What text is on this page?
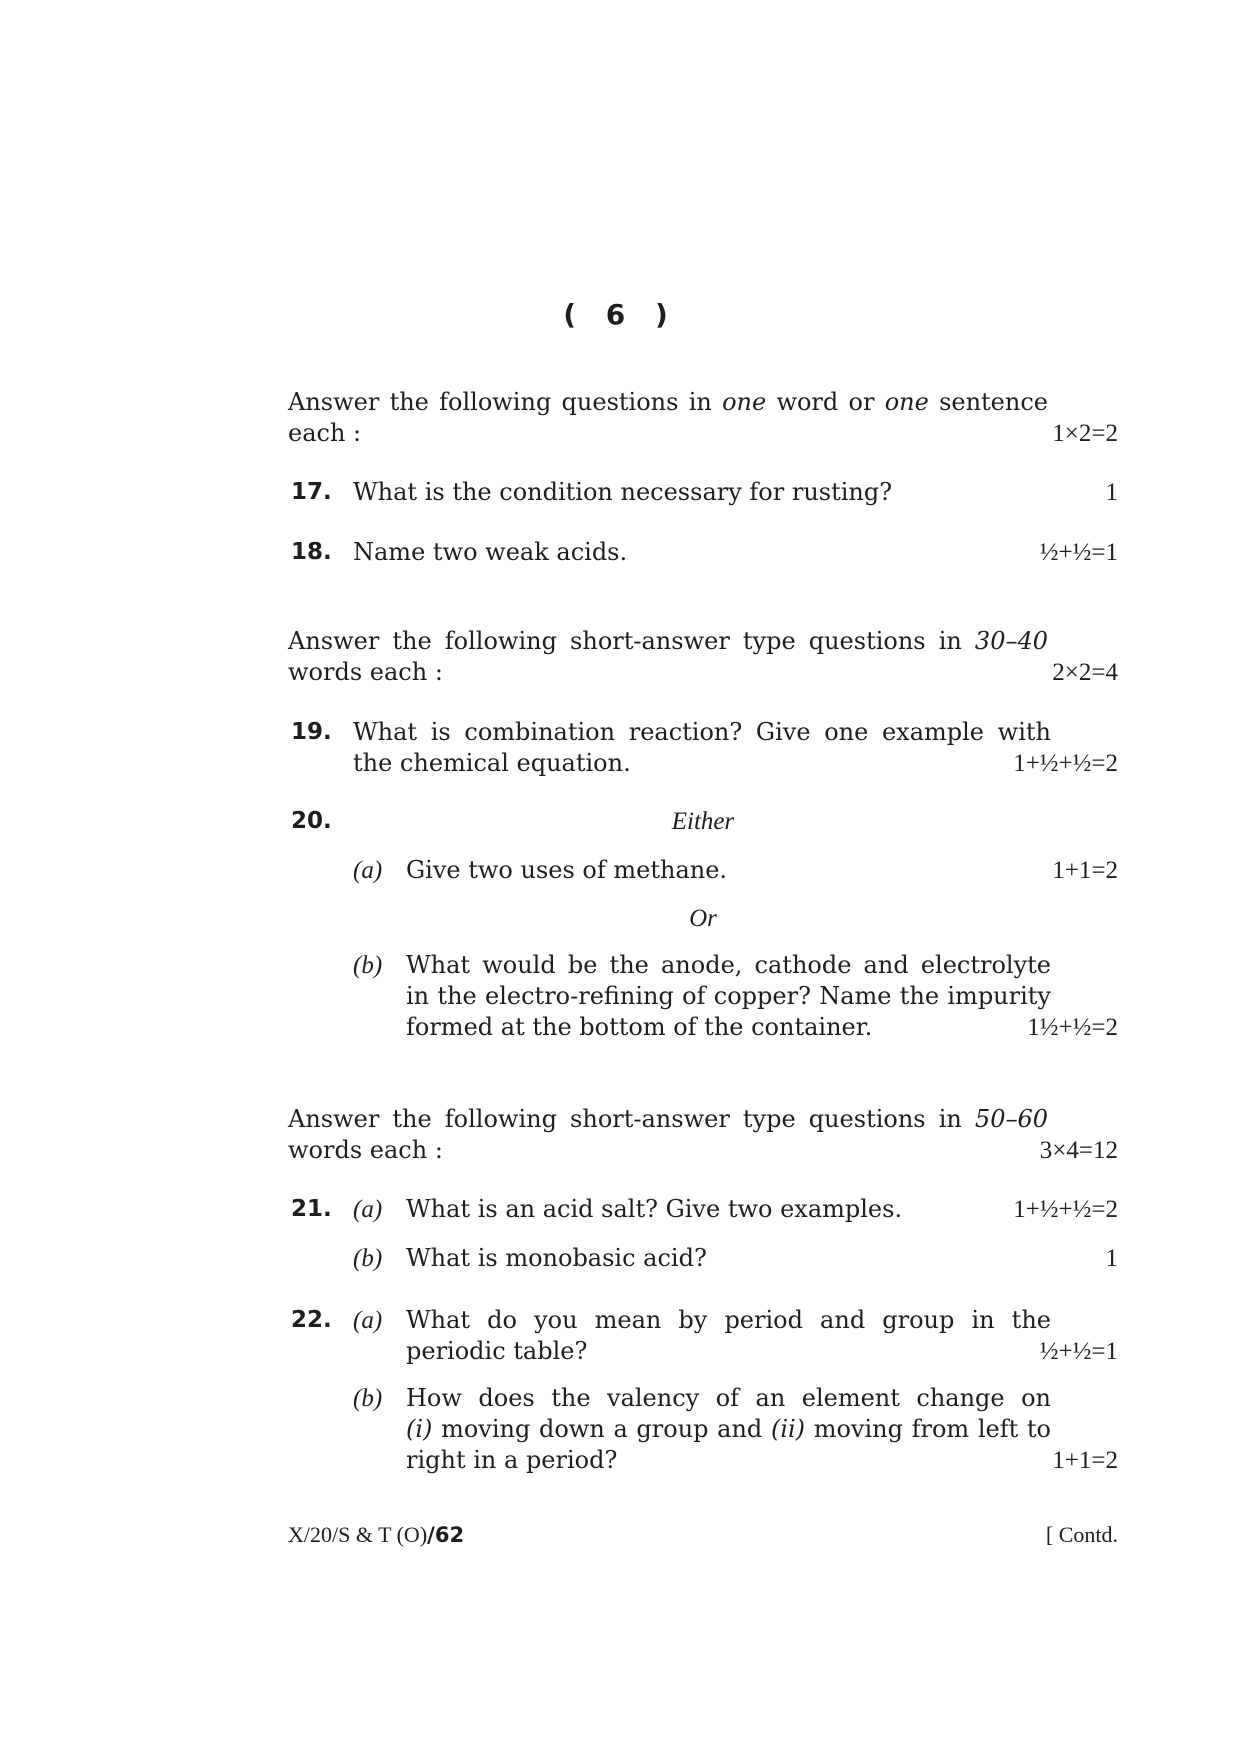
( 6 )
Answer the following questions in one word or one sentence
each :	1×2=2
17. What is the condition necessary for rusting?	1
18. Name two weak acids.	½+½=1
Answer the following short-answer type questions in 30–40
words each :	2×2=4
19. What is combination reaction? Give one example with
the chemical equation.	1+½+½=2
20.	Either
(a) Give two uses of methane.	1+1=2
Or
(b) What would be the anode, cathode and electrolyte
in the electro-refining of copper? Name the impurity
formed at the bottom of the container.	1½+½=2
Answer the following short-answer type questions in 50–60
words each :	3×4=12
21. (a) What is an acid salt? Give two examples.	1+½+½=2
(b) What is monobasic acid?	1
22. (a) What do you mean by period and group in the
periodic table?	½+½=1
(b) How does the valency of an element change on
(i) moving down a group and (ii) moving from left to
right in a period?	1+1=2
X/20/S & T (O)/62	[ Contd.
